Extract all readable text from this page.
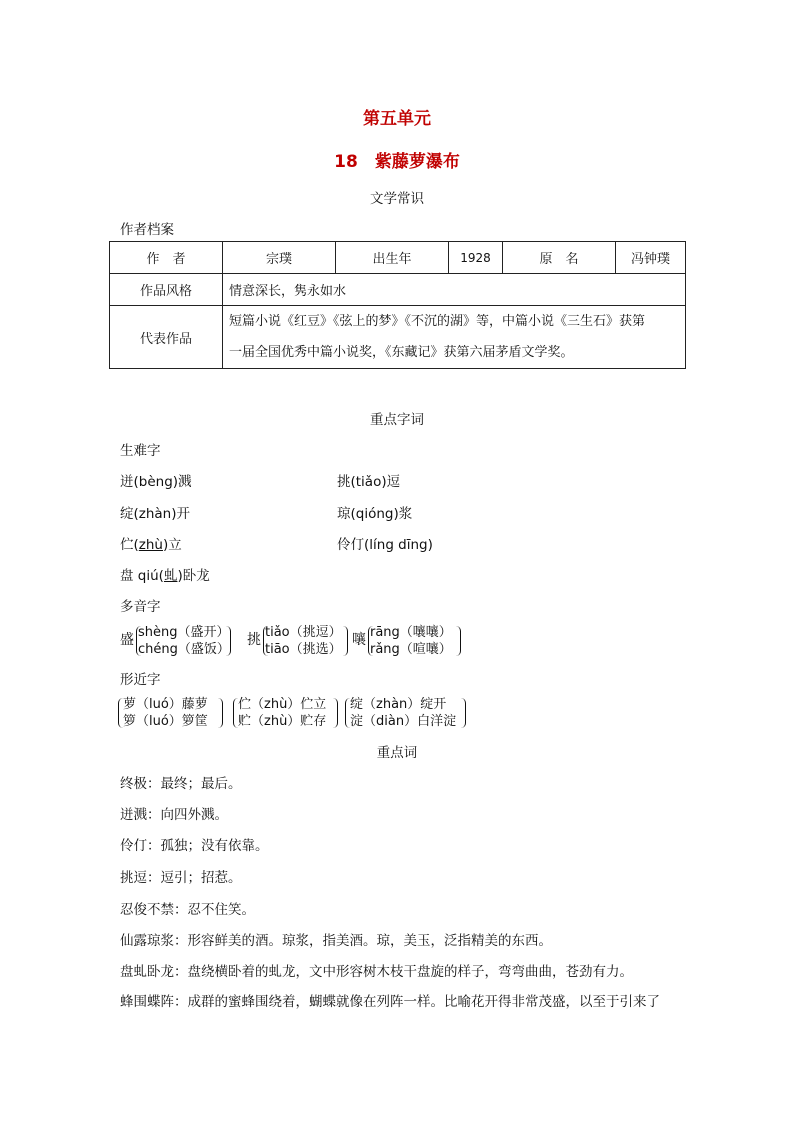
第五单元
18　紫藤萝瀑布
文学常识
作者档案
作　者	宗璞	出生年	1928	原　名	冯钟璞
作品风格	情意深长，隽永如水				
代表作品	短篇小说《红豆》《弦上的梦》《不沉的湖》等，中篇小说《三生石》获第
一届全国优秀中篇小说奖，《东藏记》获第六届茅盾文学奖。				
重点字词
生难字
迸(bèng)溅	挑(tiǎo)逗
绽(zhàn)开	琼(qióng)浆
伫(zhù)立	伶仃(líng dīng)
盘 qiú(虬)卧龙
多音字
盛 shèng（盛开）
chéng（盛饭）
挑 tiǎo（挑逗）
tiāo（挑选）
嚷 rāng（嚷嚷）
rǎng（喧嚷）
形近字
萝（luó）藤萝
箩（luó）箩筐
伫（zhù）伫立
贮（zhù）贮存
绽（zhàn）绽开
淀（diàn）白洋淀
重点词
终极：最终；最后。
迸溅：向四外溅。
伶仃：孤独；没有依靠。
挑逗：逗引；招惹。
忍俊不禁：忍不住笑。
仙露琼浆：形容鲜美的酒。琼浆，指美酒。琼，美玉，泛指精美的东西。
盘虬卧龙：盘绕横卧着的虬龙，文中形容树木枝干盘旋的样子，弯弯曲曲，苍劲有力。
蜂围蝶阵：成群的蜜蜂围绕着，蝴蝶就像在列阵一样。比喻花开得非常茂盛，以至于引来了
